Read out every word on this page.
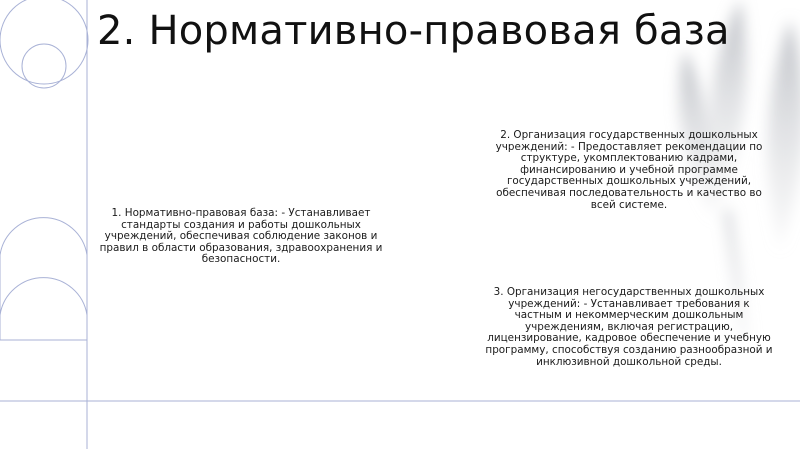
2. Нормативно-правовая база

1. Нормативно-правовая база: - Устанавливает стандарты создания и работы дошкольных учреждений, обеспечивая соблюдение законов и правил в области образования, здравоохранения и безопасности.

2. Организация государственных дошкольных учреждений: - Предоставляет рекомендации по структуре, укомплектованию кадрами, финансированию и учебной программе государственных дошкольных учреждений, обеспечивая последовательность и качество во всей системе.

3. Организация негосударственных дошкольных учреждений: - Устанавливает требования к частным и некоммерческим дошкольным учреждениям, включая регистрацию, лицензирование, кадровое обеспечение и учебную программу, способствуя созданию разнообразной и инклюзивной дошкольной среды.
